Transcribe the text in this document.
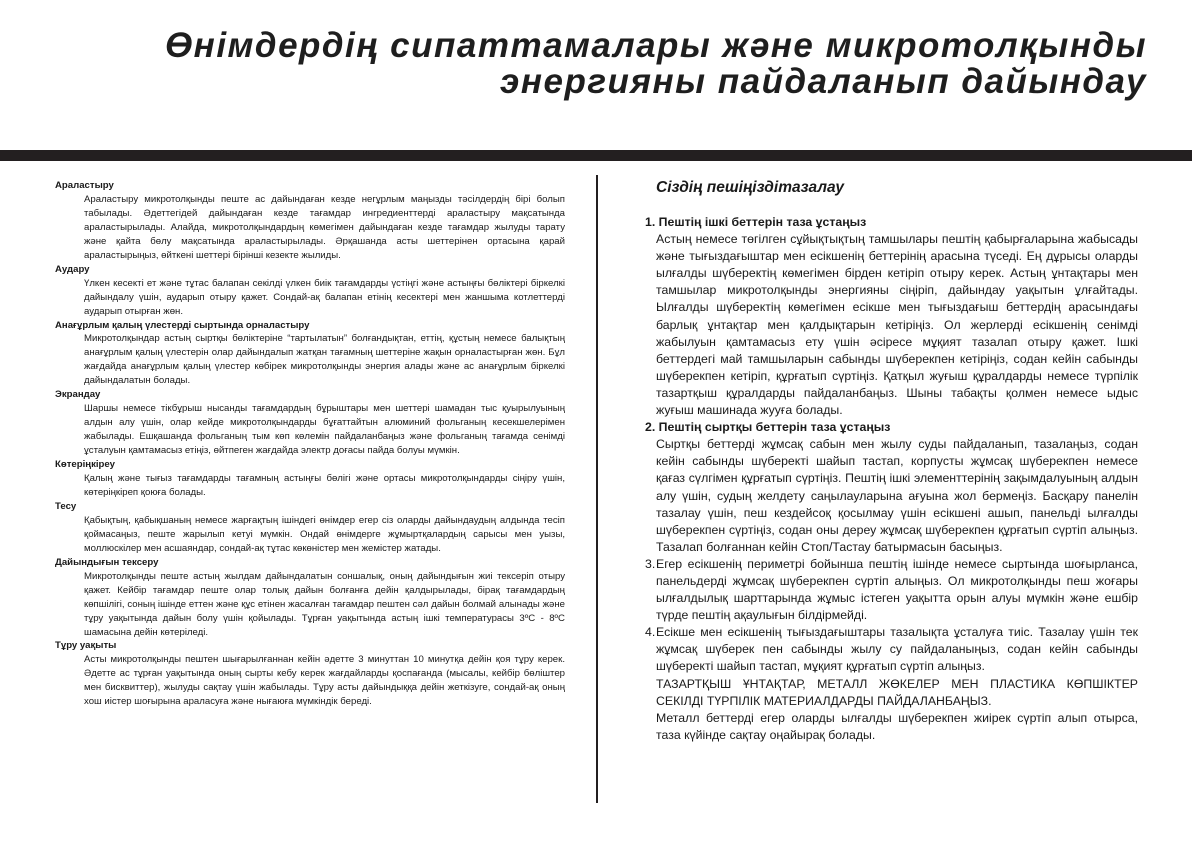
Өнімдердің сипаттамалары және микротолқынды
энергияны пайдаланып дайындау
Араластыру
Араластыру микротолқынды пеште ас дайындаған кезде негұрлым маңызды тәсілдердің бірі болып табылады. Әдеттегідей дайындаған кезде тағамдар ингредиенттерді араластыру мақсатында араластырылады. Алайда, микротолқындардың көмегімен дайындаған кезде тағамдар жылуды тарату және қайта бөлу мақсатында араластырылады. Әрқашанда асты шеттерінен ортасына қарай араластырыңыз, өйткені шеттері бірінші кезекте жылиды.
Аудару
Үлкен кесекті ет және тұтас балапан секілді үлкен биік тағамдарды үстіңгі және астыңғы бөліктері біркелкі дайындалу үшін, аударып отыру қажет. Сондай-ақ балапан етінің кесектері мен жаншыма котлеттерді аударып отырған жөн.
Анағұрлым қалың үлестерді сыртында орналастыру
Микротолқындар астың сыртқы бөліктеріне “тартылатын” болғандықтан, еттің, құстың немесе балықтың анағұрлым қалың үлестерін олар дайындалып жатқан тағамның шеттеріне жақын орналастырған жөн. Бұл жағдайда анағұрлым қалың үлестер көбірек микротолқынды энергия алады және ас анағұрлым біркелкі дайындалатын болады.
Экрандау
Шаршы немесе тікбұрыш нысанды тағамдардың бұрыштары мен шеттері шамадан тыс қуырылуының алдын алу үшін, олар кейде микротолқындарды бұғаттайтын алюминий фольганың кесекшелерімен жабылады. Ешқашанда фольганың тым көп көлемін пайдаланбаңыз және фольганың тағамда сенімді ұсталуын қамтамасыз етіңіз, өйтпеген жағдайда электр доғасы пайда болуы мүмкін.
Көтеріңкіреу
Қалың және тығыз тағамдарды тағамның астыңғы бөлігі және ортасы микротолқындарды сіңіру үшін, көтеріңкіреп қоюға болады.
Тесу
Қабықтың, қабықшаның немесе жарғақтың ішіндегі өнімдер егер сіз оларды дайындаудың алдында тесіп қоймасаңыз, пеште жарылып кетуі мүмкін. Ондай өнімдерге жұмыртқалардың сарысы мен уызы, моллюскілер мен асшаяндар, сондай-ақ тұтас көкөністер мен жемістер жатады.
Дайындығын тексеру
Микротолқынды пеште астың жылдам дайындалатын соншалық, оның дайындығын жиі тексеріп отыру қажет. Кейбір тағамдар пеште олар толық дайын болғанға дейін қалдырылады, бірақ тағамдардың көпшілігі, соның ішінде еттен және құс етінен жасалған тағамдар пештен сәл дайын болмай алынады және тұру уақытында дайын болу үшін қойылады. Тұрған уақытында астың ішкі температурасы 3ºС - 8ºС шамасына дейін көтеріледі.
Тұру уақыты
Асты микротолқынды пештен шығарылғаннан кейін әдетте 3 минуттан 10 минутқа дейін қоя тұру керек. Әдетте ас тұрған уақытында оның сырты кебу керек жағдайларды қоспағанда (мысалы, кейбір бөліштер мен бисквиттер), жылуды сақтау үшін жабылады. Тұру асты дайындыққа дейін жеткізуге, сондай-ақ оның хош иістер шоғырына араласуға және нығаюға мүмкіндік береді.
Сіздің пешіңіздітазалау
1. Пештің ішкі беттерін таза ұстаңыз
Астың немесе төгілген сұйықтықтың тамшылары пештің қабырғаларына жабысады және тығыздағыштар мен есікшенің беттерінің арасына түседі. Ең дұрысы оларды ылғалды шүберектің көмегімен бірден кетіріп отыру керек. Астың ұнтақтары мен тамшылар микротолқынды энергияны сіңіріп, дайындау уақытын ұлғайтады. Ылғалды шүберектің көмегімен есікше мен тығыздағыш беттердің арасындағы барлық ұнтақтар мен қалдықтарын кетіріңіз. Ол жерлерді есікшенің сенімді жабылуын қамтамасыз ету үшін әсіресе мұқият тазалап отыру қажет. Ішкі беттердегі май тамшыларын сабынды шүберекпен кетіріңіз, содан кейін сабынды шүберекпен кетіріп, құрғатып сүртіңіз. Қатқыл жуғыш құралдарды немесе түрпілік тазартқыш құралдарды пайдаланбаңыз. Шыны табақты қолмен немесе ыдыс жуғыш машинада жууға болады.
2. Пештің сыртқы беттерін таза ұстаңыз
Сыртқы беттерді жұмсақ сабын мен жылу суды пайдаланып, тазалаңыз, содан кейін сабынды шүберекті шайып тастап, корпусты жұмсақ шүберекпен немесе қағаз сүлгімен құрғатып сүртіңіз. Пештің ішкі элементтерінің зақымдалуының алдын алу үшін, судың желдету саңылауларына ағуына жол бермеңіз. Басқару панелін тазалау үшін, пеш кездейсоқ қосылмау үшін есікшені ашып, панельді ылғалды шүберекпен сүртіңіз, содан оны дереу жұмсақ шүберекпен құрғатып сүртіп алыңыз. Тазалап болғаннан кейін Стоп/Тастау батырмасын басыңыз.
3. Егер есікшенің периметрі бойынша пештің ішінде немесе сыртында шоғырланса, панельдерді жұмсақ шүберекпен сүртіп алыңыз. Ол микротолқынды пеш жоғары ылғалдылық шарттарында жұмыс істеген уақытта орын алуы мүмкін және ешбір түрде пештің ақаулығын білдірмейді.
4. Есікше мен есікшенің тығыздағыштары тазалықта ұсталуға тиіс. Тазалау үшін тек жұмсақ шүберек пен сабынды жылу су пайдаланыңыз, содан кейін сабынды шүберекті шайып тастап, мұқият құрғатып сүртіп алыңыз.
ТАЗАРТҚЫШ ҰНТАҚТАР, МЕТАЛЛ ЖӨКЕЛЕР МЕН ПЛАСТИКА КӨПШІКТЕР СЕКІЛДІ ТҮРПІЛІК МАТЕРИАЛДАРДЫ ПАЙДАЛАНБАҢЫЗ.
Металл беттерді егер оларды ылғалды шүберекпен жиірек сүртіп алып отырса, таза күйінде сақтау оңайырақ болады.
